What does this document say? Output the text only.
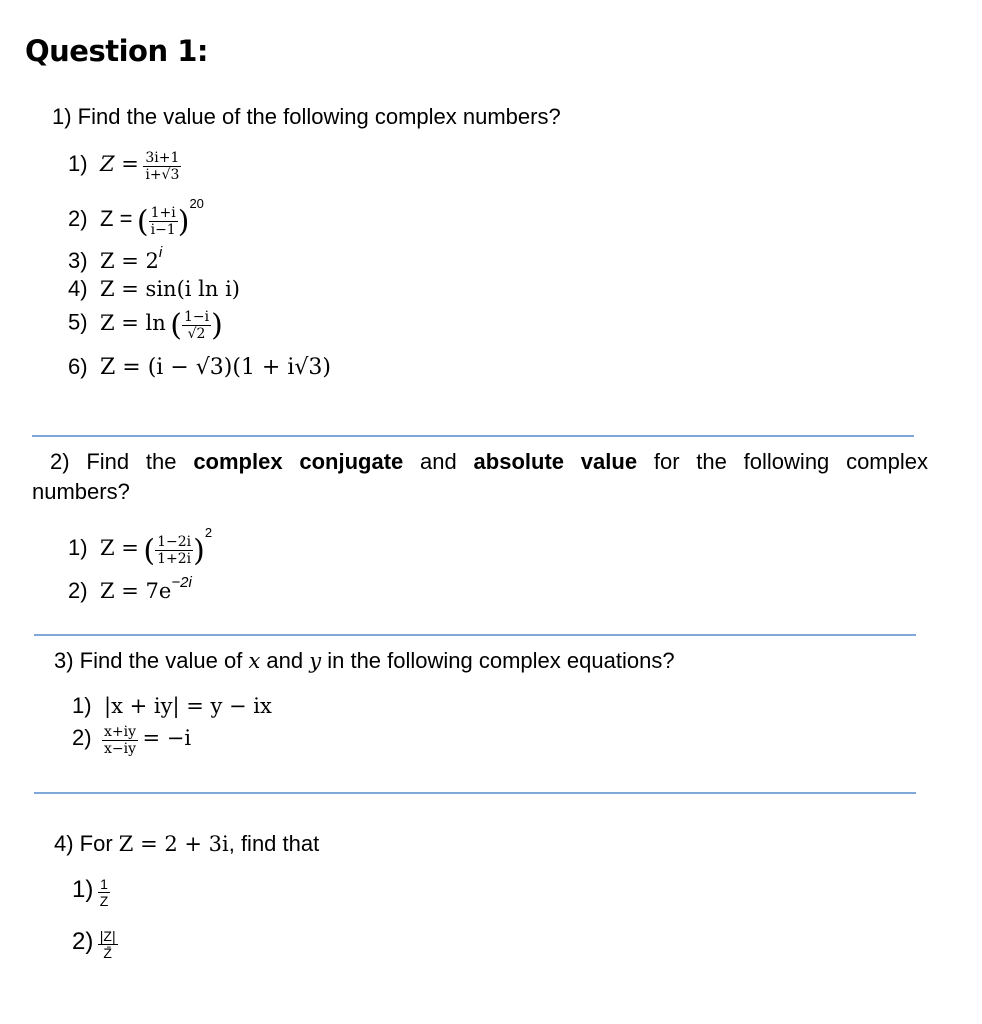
Question 1:
1) Find the value of the following complex numbers?
1) $Z = \frac{3i+1}{i+√3}$
2) Z = ( $\frac{1+i}{i-1} )^{20}$
3) Z = 2i
4) Z = sin(i ln i)
5) Z = ln ( $\frac{1-i}{√2}$ )
6) Z = (i − √3)(1 + i√3)
2) Find the complex conjugate and absolute value for the following complex
numbers?
1) Z = ( $\frac{1-2i}{1+2i} )^2$
2) Z = 7e−2i
3) Find the value of x and y in the following complex equations?
1) |x + iy| = y − ix
$2) \frac{x+iy}{x-iy} = -i$
4) For Z = 2 + 3i, find that
$1) \frac{1}{Z}$
$2) \frac{|Z|}{Z̄}$
